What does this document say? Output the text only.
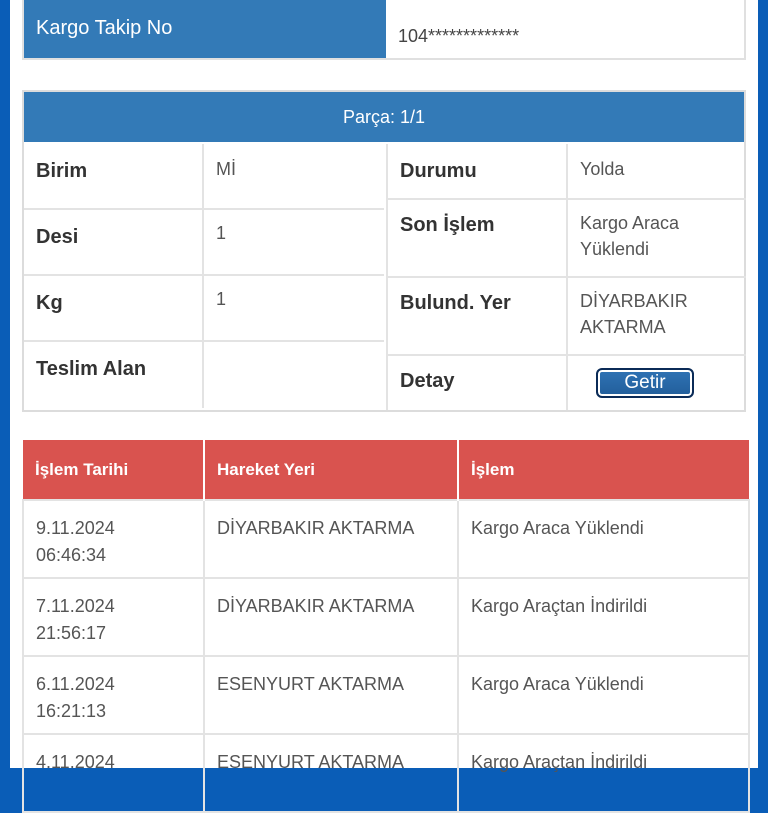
Kargo Takip No	104*************
Parça: 1/1
Birim	Mİ
Desi	1
Kg	1
Teslim Alan
Durumu	Yolda
Son İşlem	Kargo Araca Yüklendi
Bulund. Yer	DİYARBAKIR AKTARMA
Detay	Getir
İşlem Tarihi	Hareket Yeri	İşlem

9.11.2024
06:46:34	DİYARBAKIR AKTARMA	Kargo Araca Yüklendi

7.11.2024
21:56:17	DİYARBAKIR AKTARMA	Kargo Araçtan İndirildi

6.11.2024
16:21:13	ESENYURT AKTARMA	Kargo Araca Yüklendi

4.11.2024	ESENYURT AKTARMA	Kargo Araçtan İndirildi
